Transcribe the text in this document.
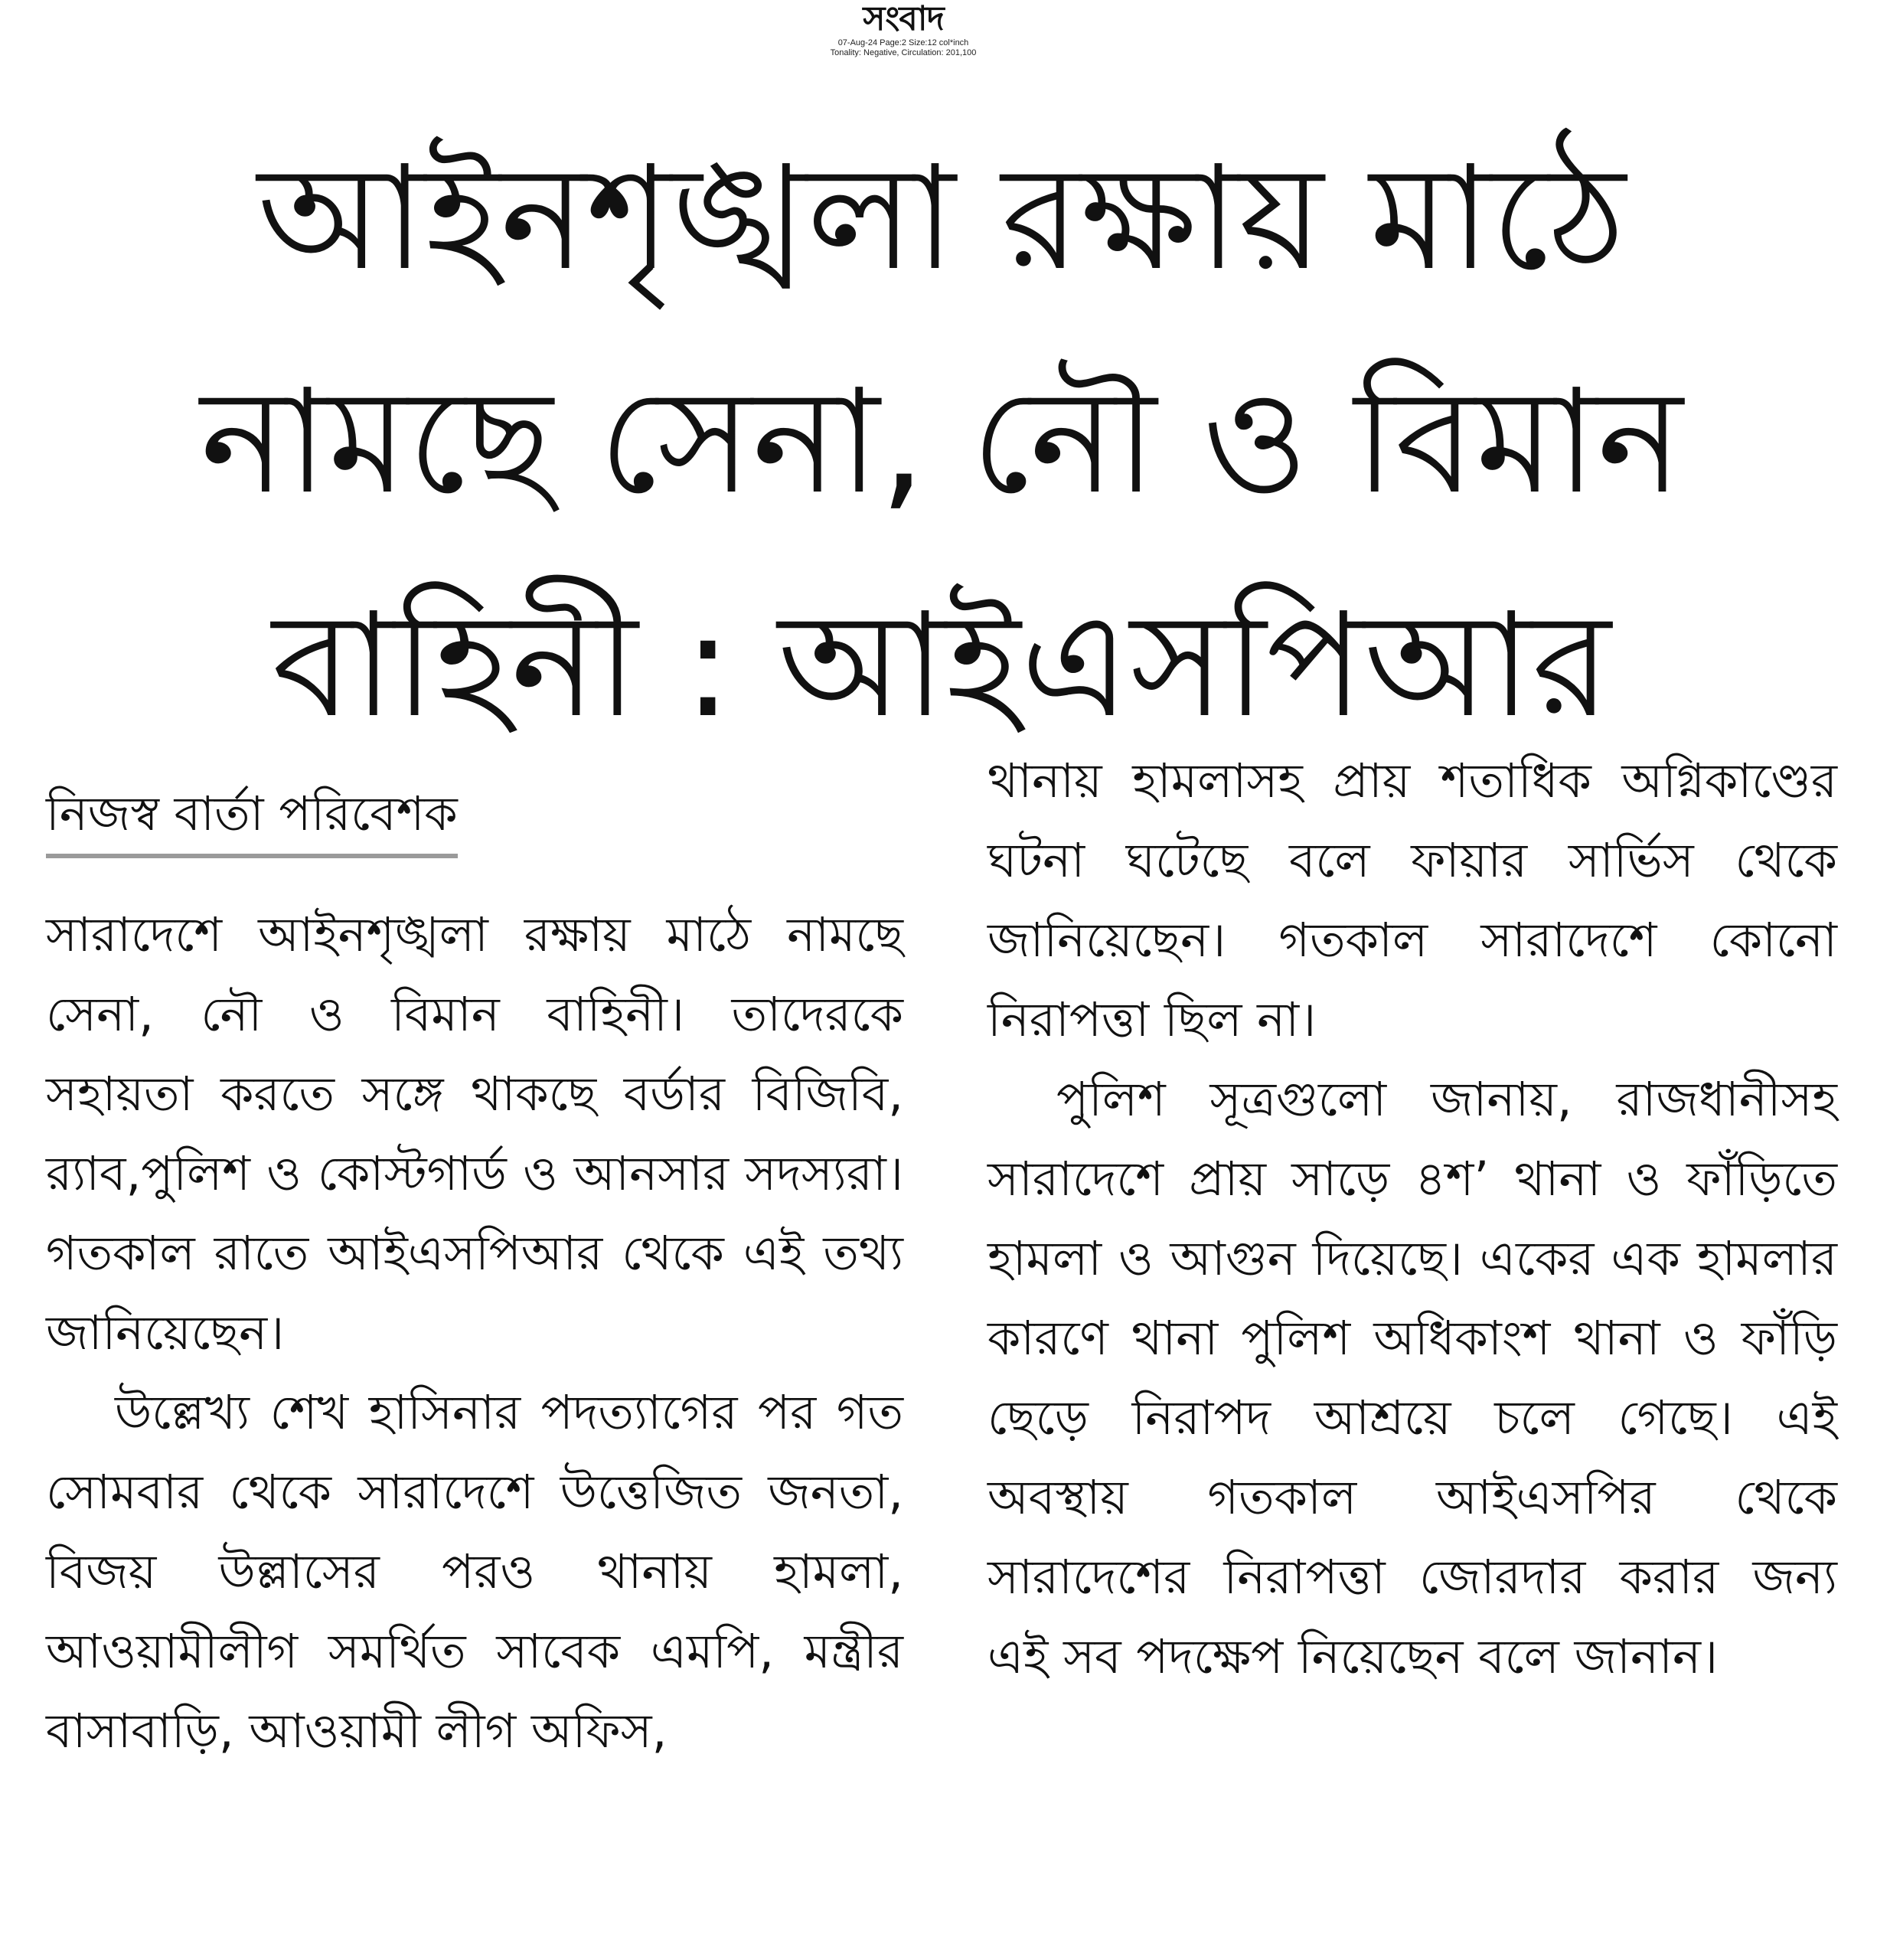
সংবাদ
07-Aug-24 Page:2 Size:12 col*inch
Tonality: Negative, Circulation: 201,100
আইনশৃঙ্খলা রক্ষায় মাঠে
নামছে সেনা, নৌ ও বিমান
বাহিনী : আইএসপিআর
নিজস্ব বার্তা পরিবেশক

সারাদেশে আইনশৃঙ্খলা রক্ষায় মাঠে নামছে সেনা, নৌ ও বিমান বাহিনী। তাদেরকে সহায়তা করতে সঙ্গে থাকছে বর্ডার বিজিবি, র‌্যাব,পুলিশ ও কোস্টগার্ড ও আনসার সদস্যরা। গতকাল রাতে আইএসপিআর থেকে এই তথ্য জানিয়েছেন।

উল্লেখ্য শেখ হাসিনার পদত্যাগের পর গত সোমবার থেকে সারাদেশে উত্তেজিত জনতা, বিজয় উল্লাসের পরও থানায় হামলা, আওয়ামীলীগ সমর্থিত সাবেক এমপি, মন্ত্রীর বাসাবাড়ি, আওয়ামী লীগ অফিস,

থানায় হামলাসহ প্রায় শতাধিক অগ্নিকাণ্ডের ঘটনা ঘটেছে বলে ফায়ার সার্ভিস থেকে জানিয়েছেন। গতকাল সারাদেশে কোনো নিরাপত্তা ছিল না।

পুলিশ সূত্রগুলো জানায়, রাজধানীসহ সারাদেশে প্রায় সাড়ে ৪শ’ থানা ও ফাঁড়িতে হামলা ও আগুন দিয়েছে। একের এক হামলার কারণে থানা পুলিশ অধিকাংশ থানা ও ফাঁড়ি ছেড়ে নিরাপদ আশ্রয়ে চলে গেছে। এই অবস্থায় গতকাল আইএসপির থেকে সারাদেশের নিরাপত্তা জোরদার করার জন্য এই সব পদক্ষেপ নিয়েছেন বলে জানান।
